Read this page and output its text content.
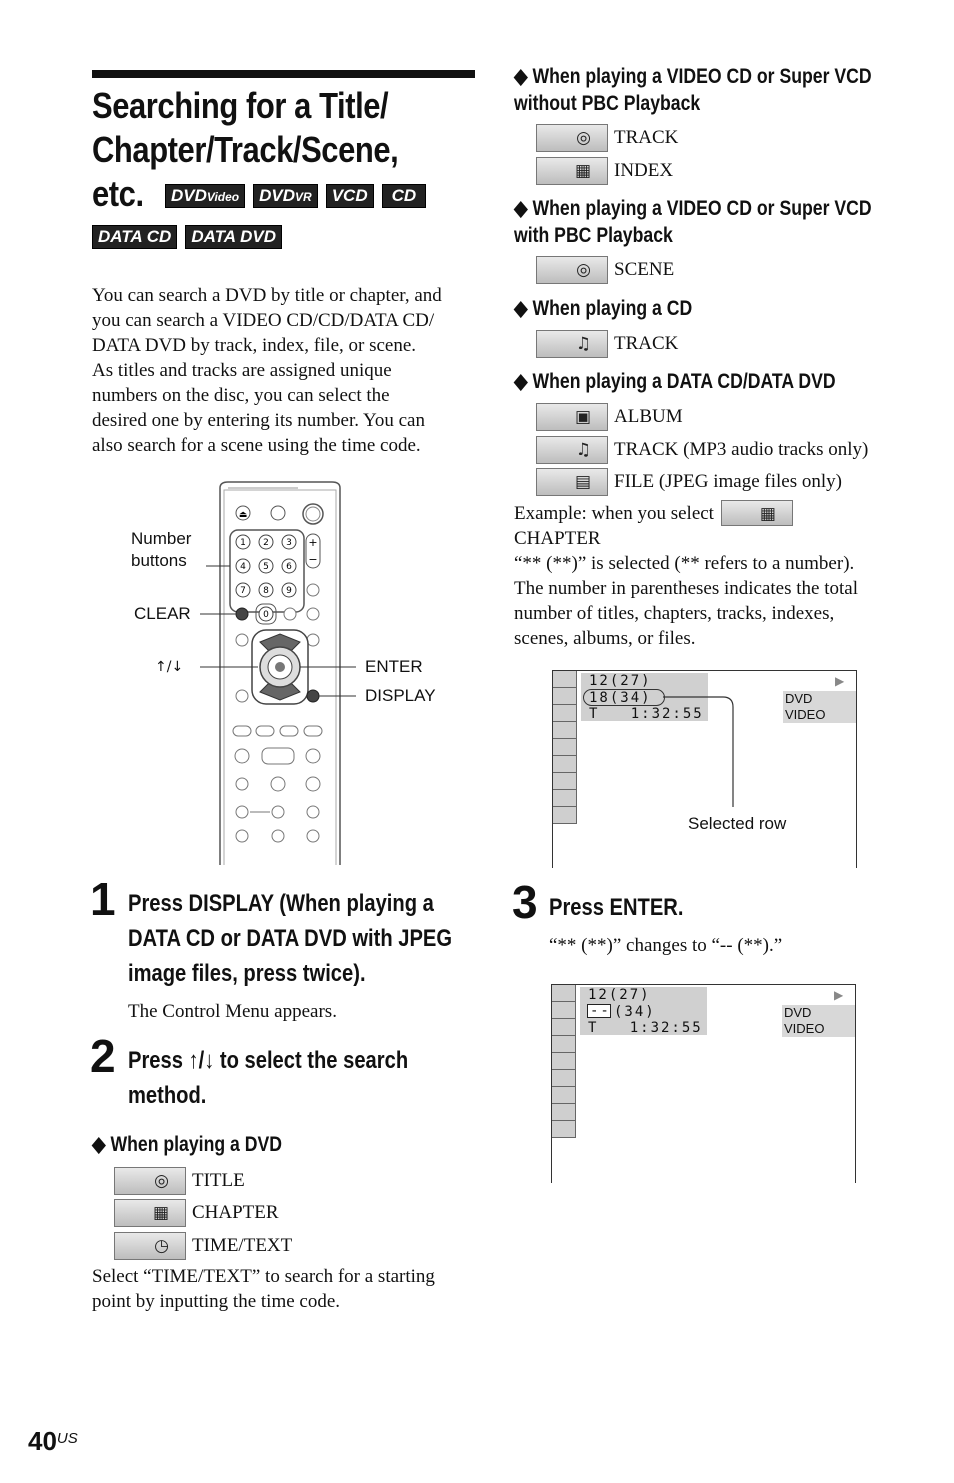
Searching for a Title/
Chapter/Track/Scene,
etc.	DVDVideo DVDVR VCD CD
DATA CD DATA DVD
You can search a DVD by title or chapter, and
you can search a VIDEO CD/CD/DATA CD/
DATA DVD by track, index, file, or scene.
As titles and tracks are assigned unique
numbers on the disc, you can select the
desired one by entering its number. You can
also search for a scene using the time code.
⏏
1 2 3
4 5 6
7 8 9
+
−
0
Number
buttons
CLEAR
↑/↓	ENTER
DISPLAY
1 Press DISPLAY (When playing a
DATA CD or DATA DVD with JPEG
image files, press twice).
The Control Menu appears.
2 Press ↑/↓ to select the search
method.
◆ When playing a DVD
◎ TITLE
▦ CHAPTER
◷ TIME/TEXT
Select “TIME/TEXT” to search for a starting
point by inputting the time code.
◆ When playing a VIDEO CD or Super VCD
without PBC Playback
◎ TRACK
▦ INDEX
◆ When playing a VIDEO CD or Super VCD
with PBC Playback
◎ SCENE
◆ When playing a CD
♫ TRACK
◆ When playing a DATA CD/DATA DVD
▣ ALBUM
♫ TRACK (MP3 audio tracks only)
▤ FILE (JPEG image files only)
Example: when you select	▦
CHAPTER
“** (**)” is selected (** refers to a number).
The number in parentheses indicates the total
number of titles, chapters, tracks, indexes,
scenes, albums, or files.
12(27)
18(34)
T   1:32:55
▶
DVD VIDEO
Selected row
3 Press ENTER.
“** (**)” changes to “-- (**).”
12(27)
-- (34)
T   1:32:55
▶
DVD VIDEO
$40^{US}$
